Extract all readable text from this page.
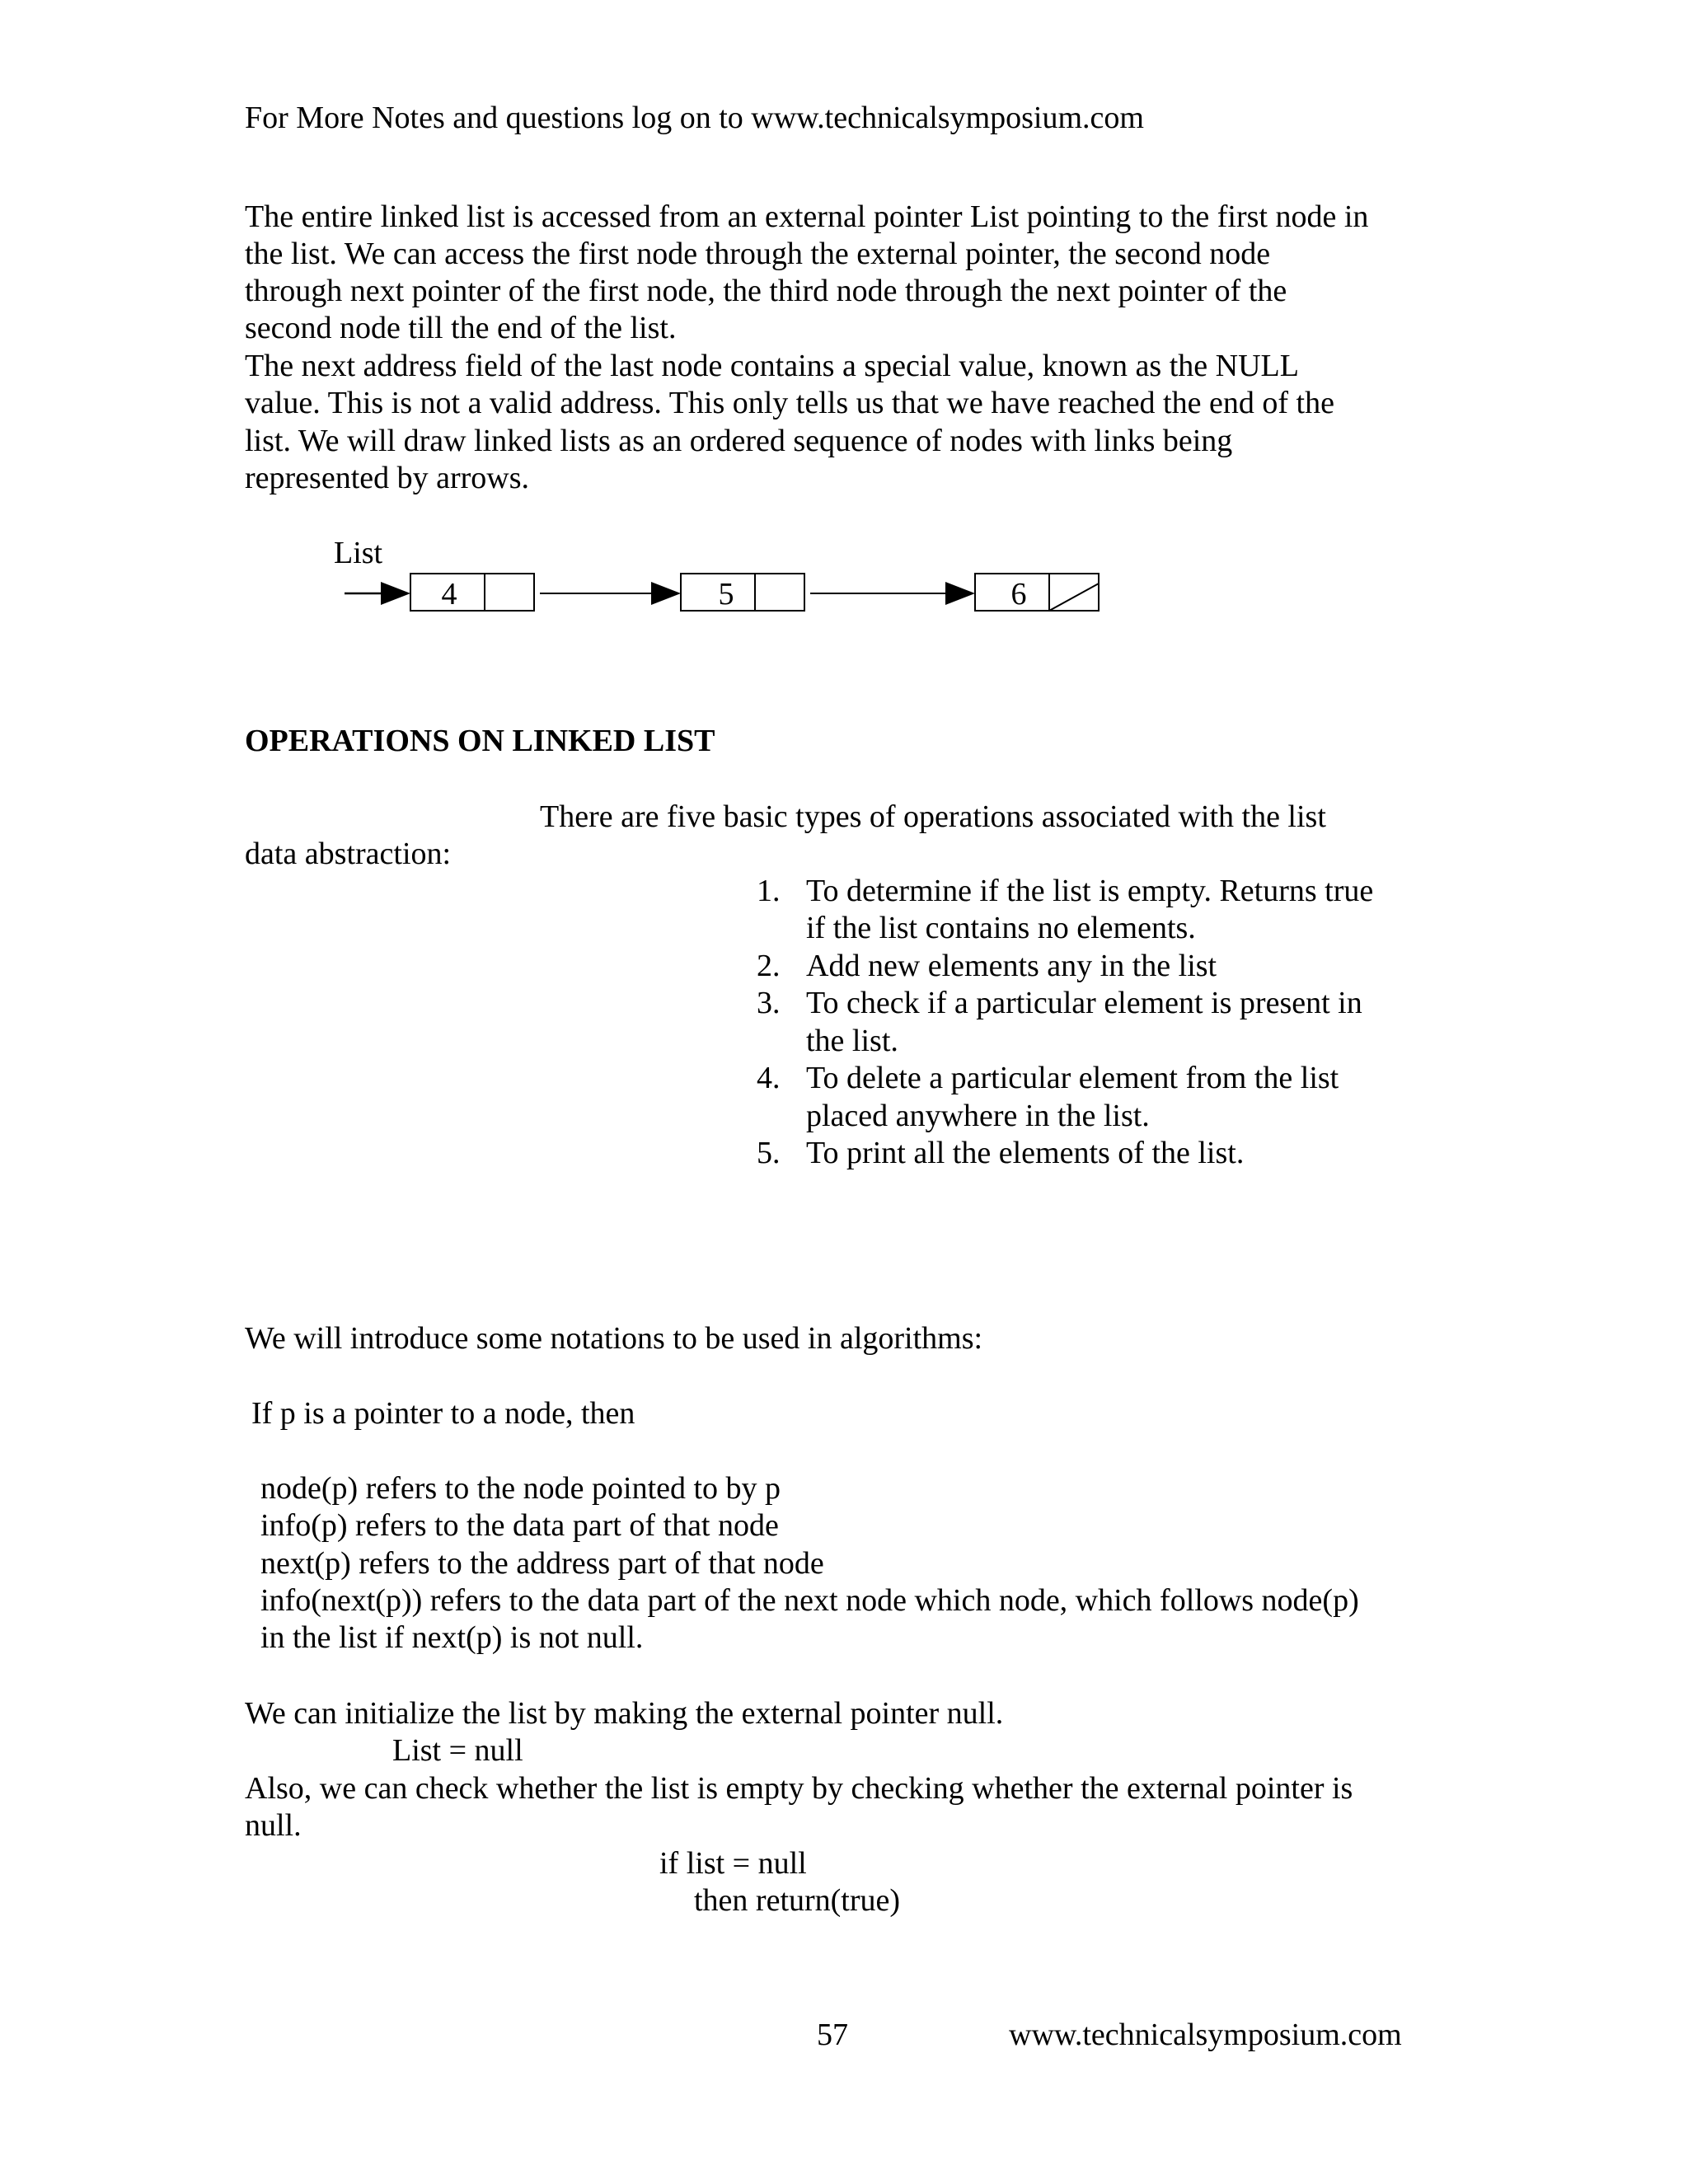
For More Notes and questions log on to www.technicalsymposium.com
The entire linked list is accessed from an external pointer List pointing to the first node in
the list. We can access the first node through the external pointer, the second node
through next pointer of the first node, the third node through the next pointer of the
second node till the end of the list.
The next address field of the last node contains a special value, known as the NULL
value. This is not a valid address. This only tells us that we have reached the end of the
list. We will draw linked lists as an ordered sequence of nodes with links being
represented by arrows.
List
4	5	6
OPERATIONS ON LINKED LIST
There are five basic types of operations associated with the list
data abstraction:
1. To determine if the list is empty. Returns true
if the list contains no elements.
2. Add new elements any in the list
3. To check if a particular element is present in
the list.
4. To delete a particular element from the list
placed anywhere in the list.
5. To print all the elements of the list.
We will introduce some notations to be used in algorithms:
If p is a pointer to a node, then
node(p) refers to the node pointed to by p
info(p) refers to the data part of that node
next(p) refers to the address part of that node
info(next(p)) refers to the data part of the next node which node, which follows node(p)
in the list if next(p) is not null.
We can initialize the list by making the external pointer null.
List = null
Also, we can check whether the list is empty by checking whether the external pointer is
null.
if list = null
then return(true)
57	www.technicalsymposium.com
